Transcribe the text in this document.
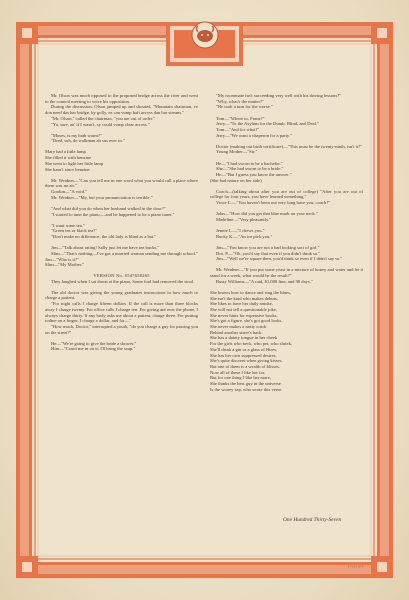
Mr. Olson was much opposed to the proposed bridge across the river and went to the council meeting to voice his opposition.

During the discussion, Olson jumped up and shouted, "Mountain shairman, ve don need das har bridge, by golly, ez can vump haft across dan har stream."

"Mr. Olson," called the chairman, "you are out of order."

"Ya, sure, an' if I wasn't, sy could vomp clear across."

"Moses, is my bath warm?"

"Dred, suh, de walkman ah sus ever in."

Mary had a little lamp

She filled it with benzine

She went to light her little lamp

She hasn't since benzine.

Mr. Weidner—"Can you tell me in one word what you would call a place where there was no air."

Gordon—"A void."

Mr. Weidner—"My, but your pronunciation is terrible."

"And what did you do when her husband walked in the door?"

"I started to tune the piano,—and he happened to be a piano tuner."

"I want some tea."

"Green tea or black tea?"

"Don't make no difference, the old lady is blind as a bat."

Jim—"Talk about rating! Sally just let me have ten bucks."

Slim—"That's nothing—I've got a married woman sending me through school."

Jim—"Who is it?"

Slim—"My Mother."

VERSION No. 6547658265

They laughed when I sat down at the piano, Some fool had removed the stool.

The old doctor was giving the young graduates instructions in how much to charge a patient.

"For night calls I charge fifteen dollars. If the call is more than three blocks away I charge twenty. For office calls I charge ten. For giving aid over the phone, I always charge thirty. If any body asks me about a patient, charge three. For putting iodine on a finger, I charge a dollar, and for—"

"How much, Doctor," interrupted a youth, "do you charge a guy for passing you on the street?"

He—"We're going to give the bride a shower."

Him—"Count me in on it; I'll bring the soap."

"My roommate isn't succeeding very well with his driving lessons?"

"Why, what's the matter?"

"He took a turn for the worse."

Tom—"Where to, Franz?"

Jerry—"To the Asylum for the Dumb, Blind, and Deaf."

Tom—"And for what?"

Jerry—"We want a chaperon for a party."

Doctor (making out birth certificate)—"This must be the twenty-ninth, isn't it?"

Young Mother—"Sir."

He—"I had sworn to be a bachelor."

She—"She had sworn to be a bride."

He—"But I guess you know the answer."

(She had nature on her side)

Coach—(talking about after you are out of college) "After you are out of college for four years, you have learned something."

Vince L.—"You haven't been out very long have you, coach?"

John—"How did you get that blue mark on your neck."

Madeline—"Very pleasantly."

Jennie L.—"I chews you."

Bucky K.—"An ice pick you."

Jim—"You know you are not a bad looking sort of girl."

Dot. P.—"Oh, you'd say that even if you didn't think so."

Jim—"Well we're square then, you'd think so even if I didn't say so."

Mr. Weidner—"If you put some yeast in a mixture of honey and water and let it stand for a week, what would be the result?"

Rusty Williams—"A raid, $1,000 fine, and 90 days."

She knows how to dance and sing the blues,

She isn't the kind who makes debuts,

She likes to have her daily smoke,

She will not tell a questionable joke,

She never hints for expensive books,

She's got a figure, she's got good looks,

She never makes a nasty crack

Behind another sister's back.

She has a dainty tongue in her cheek

For the girls who neck, who pet, who shriek,

She'll drink a gin or a glass of Hires,

She has her own suppressed desires,

She's quite discreet when giving kisses,

But one of them is a wealth of blisses.

Now all of these I like her for,

But for one thing I like her more,

She thinks the best guy in the universe

Is the wooey sap, who wrote this verse.

One Hundred Thirty-Seven
I-N-D-N-T
